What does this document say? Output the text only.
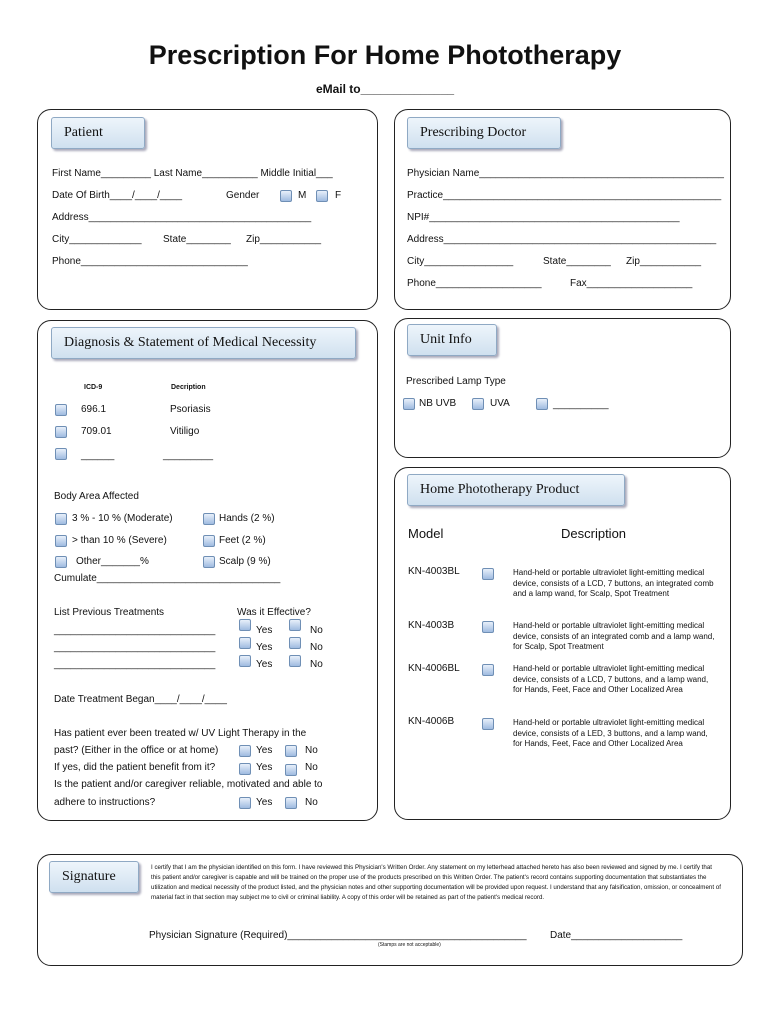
Prescription For Home Phototherapy
eMail to______________
Patient
First Name_________ Last Name__________ Middle Initial___
Date Of Birth____/____/____	Gender	M	F
Address________________________________________
City_____________ State________ Zip___________
Phone______________________________
Prescribing Doctor
Physician Name____________________________________________
Practice__________________________________________________
NPI#_____________________________________________
Address_________________________________________________
City________________	State________ Zip___________
Phone___________________	Fax___________________
Diagnosis & Statement of Medical Necessity
ICD-9	Decription
696.1	Psoriasis
709.01	Vitiligo
______	_________
Body Area Affected
3 % - 10 % (Moderate)	Hands (2 %)
> than 10 % (Severe)	Feet (2 %)
Other_______%	Scalp (9 %)
Cumulate_________________________________
List Previous Treatments	Was it Effective?
_____________________________	Yes	No
_____________________________	Yes	No
_____________________________	Yes	No
Date Treatment Began____/____/____
Has patient ever been treated w/ UV Light Therapy in the
past? (Either in the office or at home)	Yes	No
If yes, did the patient benefit from it?	Yes	No
Is the patient and/or caregiver reliable, motivated and able to
adhere to instructions?	Yes	No
Unit Info
Prescribed Lamp Type
NB UVB	UVA	__________
Home Phototherapy Product
Model	Description
KN-4003BL	Hand-held or portable ultraviolet light-emitting medical device, consists of a LCD, 7 buttons, an integrated comb and a lamp wand, for Scalp, Spot Treatment
KN-4003B	Hand-held or portable ultraviolet light-emitting medical device, consists of an integrated comb and a lamp wand, for Scalp, Spot Treatment
KN-4006BL	Hand-held or portable ultraviolet light-emitting medical device, consists of a LCD, 7 buttons, and a lamp wand, for Hands, Feet, Face and Other Localized Area
KN-4006B	Hand-held or portable ultraviolet light-emitting medical device, consists of a LED, 3 buttons, and a lamp wand, for Hands, Feet, Face and Other Localized Area
Signature
I certify that I am the physician identified on this form. I have reviewed this Physician's Written Order. Any statement on my letterhead attached hereto has also been reviewed and signed by me. I certify that this patient and/or caregiver is capable and will be trained on the proper use of the products prescribed on this Written Order. The patient's record contains supporting documentation that substantiates the utilization and medical necessity of the product listed, and the physician notes and other supporting documentation will be provided upon request. I understand that any falsification, omission, or concealment of material fact in that section may subject me to civil or criminal liability. A copy of this order will be retained as part of the patient's medical record.
Physician Signature (Required)___________________________________________ Date____________________
(Stamps are not acceptable)
